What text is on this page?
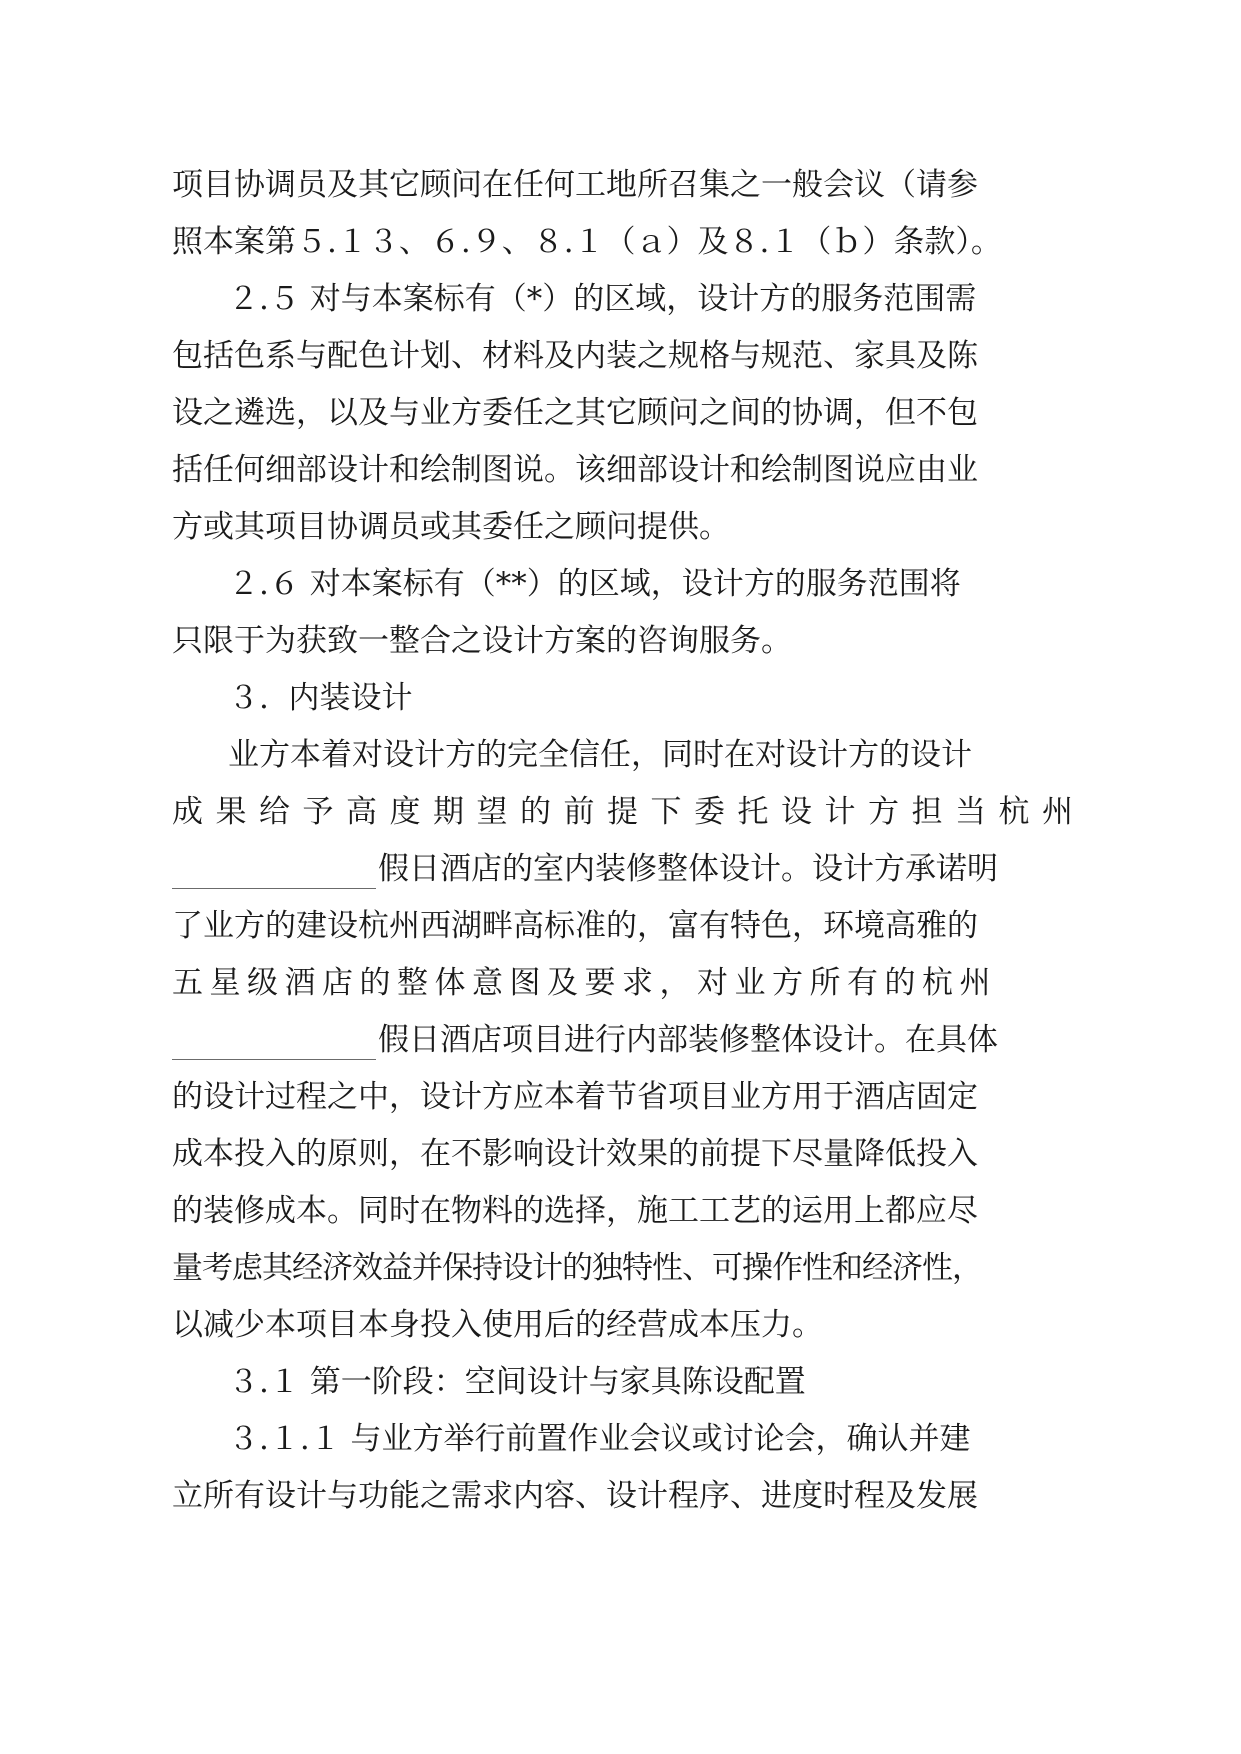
项目协调员及其它顾问在任何工地所召集之一般会议（请参
照本案第５.１３、６.９、８.１（ａ）及８.１（ｂ）条款）。
２.５ 对与本案标有（*）的区域，设计方的服务范围需
包括色系与配色计划、材料及内装之规格与规范、家具及陈
设之遴选，以及与业方委任之其它顾问之间的协调，但不包
括任何细部设计和绘制图说。该细部设计和绘制图说应由业
方或其项目协调员或其委任之顾问提供。
２.６ 对本案标有（**）的区域，设计方的服务范围将
只限于为获致一整合之设计方案的咨询服务。
３.  内装设计
业方本着对设计方的完全信任，同时在对设计方的设计
成果给予高度期望的前提下委托设计方担当杭州
假日酒店的室内装修整体设计。设计方承诺明
了业方的建设杭州西湖畔高标准的，富有特色，环境高雅的
五星级酒店的整体意图及要求，对业方所有的杭州
假日酒店项目进行内部装修整体设计。在具体
的设计过程之中，设计方应本着节省项目业方用于酒店固定
成本投入的原则，在不影响设计效果的前提下尽量降低投入
的装修成本。同时在物料的选择，施工工艺的运用上都应尽
量考虑其经济效益并保持设计的独特性、可操作性和经济性，
以减少本项目本身投入使用后的经营成本压力。
３.１ 第一阶段：空间设计与家具陈设配置
３.１.１ 与业方举行前置作业会议或讨论会，确认并建
立所有设计与功能之需求内容、设计程序、进度时程及发展
